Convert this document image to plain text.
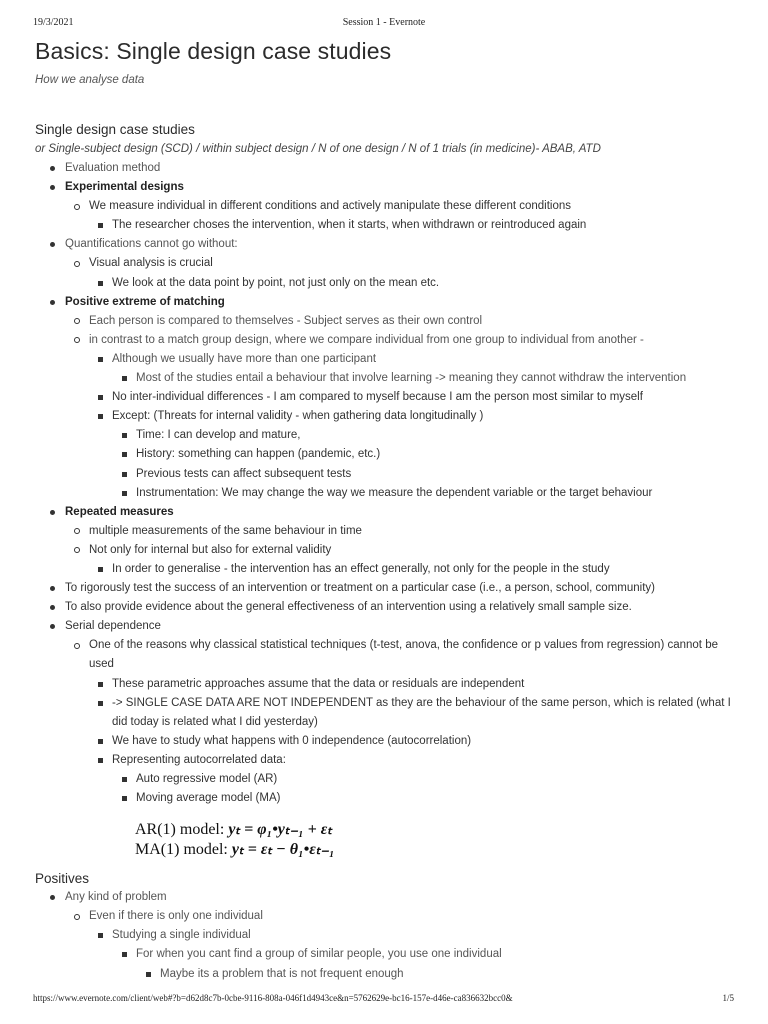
19/3/2021	Session 1 - Evernote
Basics: Single design case studies

How we analyse data

Single design case studies
or Single-subject design (SCD) / within subject design / N of one design / N of 1 trials (in medicine)- ABAB, ATD
Evaluation method
Experimental designs
We measure individual in different conditions and actively manipulate these different conditions
The researcher choses the intervention, when it starts, when withdrawn or reintroduced again
Quantifications cannot go without:
Visual analysis is crucial
We look at the data point by point, not just only on the mean etc.
Positive extreme of matching
Each person is compared to themselves - Subject serves as their own control
in contrast to a match group design, where we compare individual from one group to individual from another -
Although we usually have more than one participant
Most of the studies entail a behaviour that involve learning -> meaning they cannot withdraw the intervention
No inter-individual differences - I am compared to myself because I am the person most similar to myself
Except: (Threats for internal validity - when gathering data longitudinally )
Time: I can develop and mature,
History: something can happen (pandemic, etc.)
Previous tests can affect subsequent tests
Instrumentation: We may change the way we measure the dependent variable or the target behaviour
Repeated measures
multiple measurements of the same behaviour in time
Not only for internal but also for external validity
In order to generalise - the intervention has an effect generally, not only for the people in the study
To rigorously test the success of an intervention or treatment on a particular case (i.e., a person, school, community)
To also provide evidence about the general effectiveness of an intervention using a relatively small sample size.
Serial dependence
One of the reasons why classical statistical techniques (t-test, anova, the confidence or p values from regression) cannot be used
These parametric approaches assume that the data or residuals are independent
-> SINGLE CASE DATA ARE NOT INDEPENDENT as they are the behaviour of the same person, which is related (what I did today is related what I did yesterday)
We have to study what happens with 0 independence (autocorrelation)
Representing autocorrelated data:
Auto regressive model (AR)
Moving average model (MA)
AR(1) model: yₜ = φ₁•yₜ₋₁ + εₜ
MA(1) model: yₜ = εₜ − θ₁•εₜ₋₁
Positives
Any kind of problem
Even if there is only one individual
Studying a single individual
For when you cant find a group of similar people, you use one individual
Maybe its a problem that is not frequent enough
https://www.evernote.com/client/web#?b=d62d8c7b-0cbe-9116-808a-046f1d4943ce&n=5762629e-bc16-157e-d46e-ca836632bcc0&	1/5
